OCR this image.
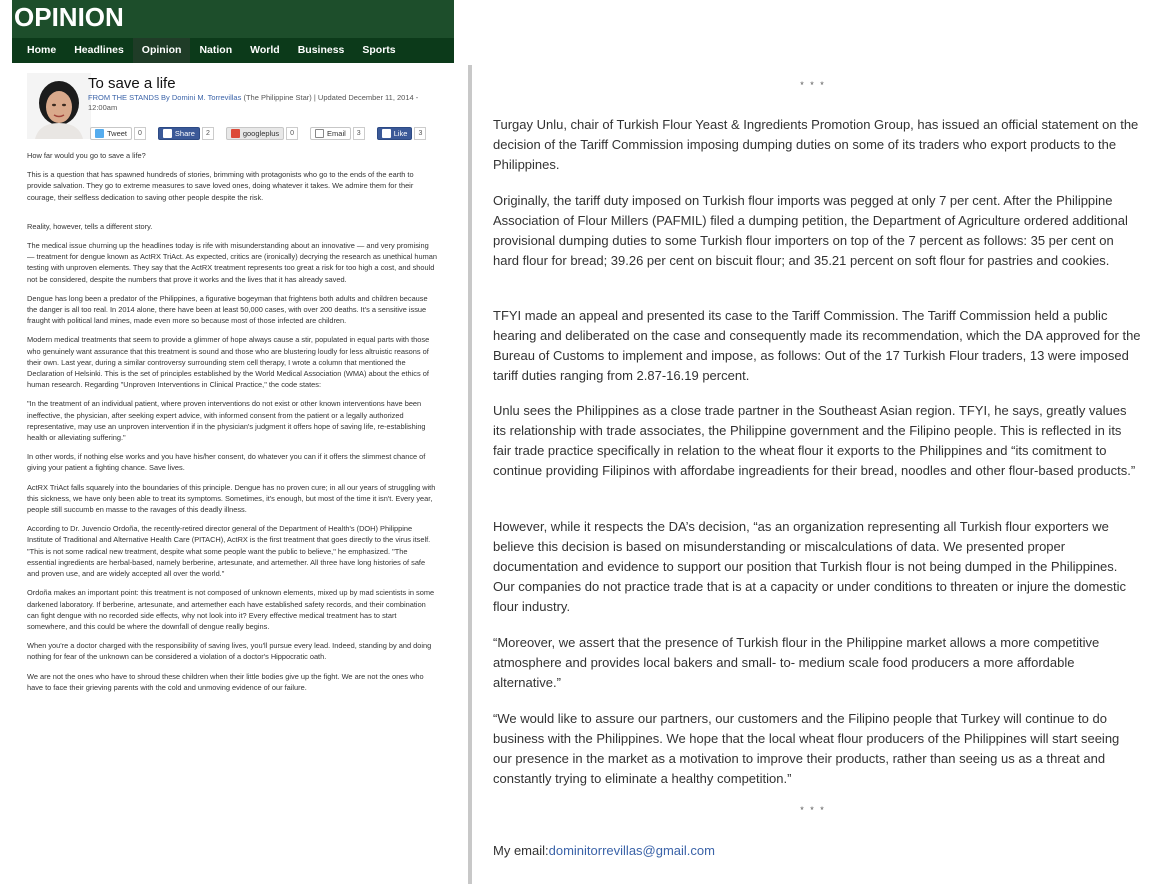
OPINION
Home	Headlines	Opinion	Nation	World	Business	Sports
To save a life
FROM THE STANDS By Domini M. Torrevillas (The Philippine Star) | Updated December 11, 2014 - 12:00am
Tweet	0	Share	2	googleplus	0	Email	3	Like	3

How far would you go to save a life?

This is a question that has spawned hundreds of stories, brimming with protagonists who go to the ends of the earth to provide salvation. They go to extreme measures to save loved ones, doing whatever it takes. We admire them for their courage, their selfless dedication to saving other people despite the risk.

Reality, however, tells a different story.

The medical issue churning up the headlines today is rife with misunderstanding about an innovative — and very promising — treatment for dengue known as ActRX TriAct. As expected, critics are (ironically) decrying the research as unethical human testing with unproven elements. They say that the ActRX treatment represents too great a risk for too high a cost, and should not be considered, despite the numbers that prove it works and the lives that it has already saved.

Dengue has long been a predator of the Philippines, a figurative bogeyman that frightens both adults and children because the danger is all too real. In 2014 alone, there have been at least 50,000 cases, with over 200 deaths. It's a sensitive issue fraught with political land mines, made even more so because most of those infected are children.

Modern medical treatments that seem to provide a glimmer of hope always cause a stir, populated in equal parts with those who genuinely want assurance that this treatment is sound and those who are blustering loudly for less altruistic reasons of their own. Last year, during a similar controversy surrounding stem cell therapy, I wrote a column that mentioned the Declaration of Helsinki. This is the set of principles established by the World Medical Association (WMA) about the ethics of human research. Regarding "Unproven Interventions in Clinical Practice," the code states:

"In the treatment of an individual patient, where proven interventions do not exist or other known interventions have been ineffective, the physician, after seeking expert advice, with informed consent from the patient or a legally authorized representative, may use an unproven intervention if in the physician's judgment it offers hope of saving life, re-establishing health or alleviating suffering."

In other words, if nothing else works and you have his/her consent, do whatever you can if it offers the slimmest chance of giving your patient a fighting chance. Save lives.

ActRX TriAct falls squarely into the boundaries of this principle. Dengue has no proven cure; in all our years of struggling with this sickness, we have only been able to treat its symptoms. Sometimes, it's enough, but most of the time it isn't. Every year, people still succumb en masse to the ravages of this deadly illness.

According to Dr. Juvencio Ordoña, the recently-retired director general of the Department of Health's (DOH) Philippine Institute of Traditional and Alternative Health Care (PITACH), ActRX is the first treatment that goes directly to the virus itself. "This is not some radical new treatment, despite what some people want the public to believe," he emphasized. "The essential ingredients are herbal-based, namely berberine, artesunate, and artemether. All three have long histories of safe and proven use, and are widely accepted all over the world."

Ordoña makes an important point: this treatment is not composed of unknown elements, mixed up by mad scientists in some darkened laboratory. If berberine, artesunate, and artemether each have established safety records, and their combination can fight dengue with no recorded side effects, why not look into it? Every effective medical treatment has to start somewhere, and this could be where the downfall of dengue really begins.

When you're a doctor charged with the responsibility of saving lives, you'll pursue every lead. Indeed, standing by and doing nothing for fear of the unknown can be considered a violation of a doctor's Hippocratic oath.

We are not the ones who have to shroud these children when their little bodies give up the fight. We are not the ones who have to face their grieving parents with the cold and unmoving evidence of our failure.

* * *

Turgay Unlu, chair of Turkish Flour Yeast & Ingredients Promotion Group, has issued an official statement on the decision of the Tariff Commission imposing dumping duties on some of its traders who export products to the Philippines.

Originally, the tariff duty imposed on Turkish flour imports was pegged at only 7 per cent. After the Philippine Association of Flour Millers (PAFMIL) filed a dumping petition, the Department of Agriculture ordered additional provisional dumping duties to some Turkish flour importers on top of the 7 percent as follows: 35 per cent on hard flour for bread; 39.26 per cent on biscuit flour; and 35.21 percent on soft flour for pastries and cookies.

TFYI made an appeal and presented its case to the Tariff Commission. The Tariff Commission held a public hearing and deliberated on the case and consequently made its recommendation, which the DA approved for the Bureau of Customs to implement and impose, as follows: Out of the 17 Turkish Flour traders, 13 were imposed tariff duties ranging from 2.87-16.19 percent.

Unlu sees the Philippines as a close trade partner in the Southeast Asian region. TFYI, he says, greatly values its relationship with trade associates, the Philippine government and the Filipino people. This is reflected in its fair trade practice specifically in relation to the wheat flour it exports to the Philippines and “its comitment to continue providing Filipinos with affordabe ingreadients for their bread, noodles and other flour-based products.”

However, while it respects the DA’s decision, “as an organization representing all Turkish flour exporters we believe this decision is based on misunderstanding or miscalculations of data. We presented proper documentation and evidence to support our position that Turkish flour is not being dumped in the Philippines. Our companies do not practice trade that is at a capacity or under conditions to threaten or injure the domestic flour industry.

“Moreover, we assert that the presence of Turkish flour in the Philippine market allows a more competitive atmosphere and provides local bakers and small- to- medium scale food producers a more affordable alternative.”

“We would like to assure our partners, our customers and the Filipino people that Turkey will continue to do business with the Philippines. We hope that the local wheat flour producers of the Philippines will start seeing our presence in the market as a motivation to improve their products, rather than seeing us as a threat and constantly trying to eliminate a healthy competition.”

* * *

My email:dominitorrevillas@gmail.com
